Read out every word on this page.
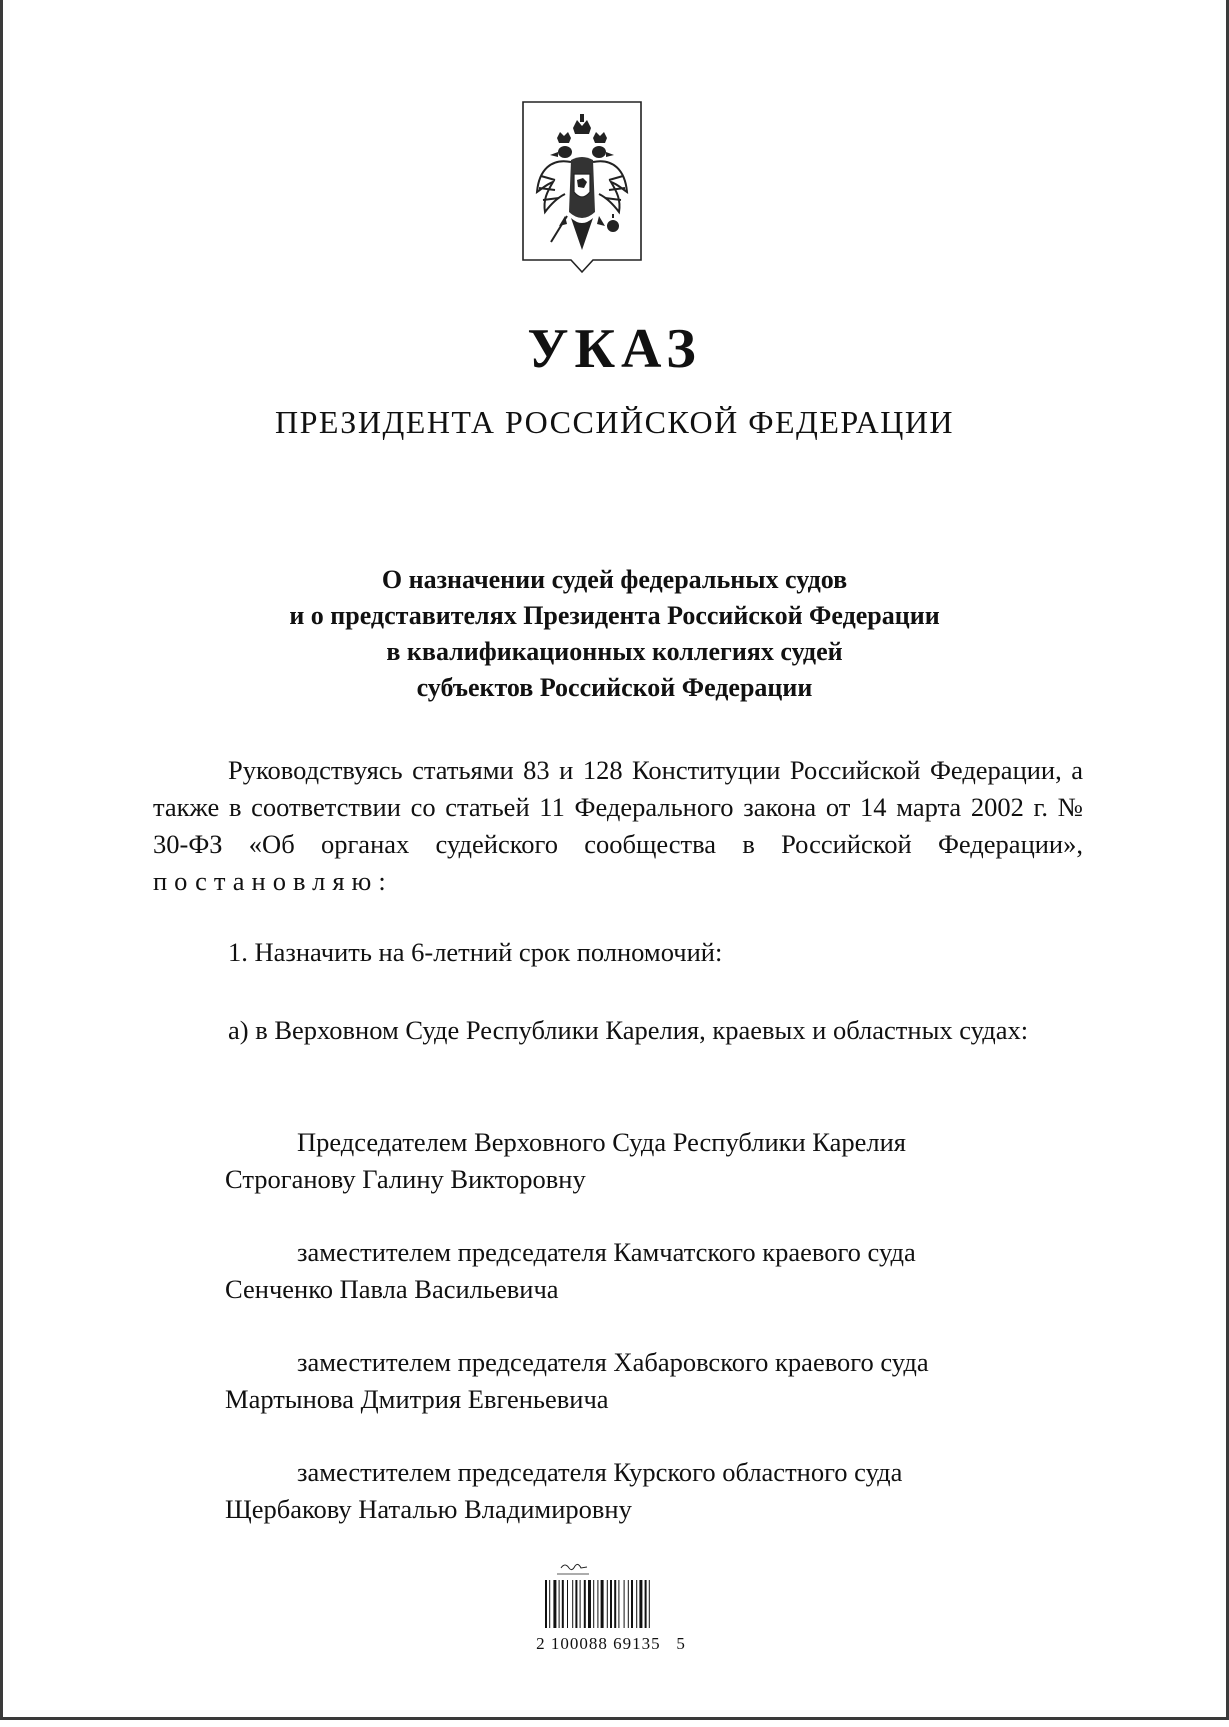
УКАЗ
ПРЕЗИДЕНТА РОССИЙСКОЙ ФЕДЕРАЦИИ
О назначении судей федеральных судов
и о представителях Президента Российской Федерации
в квалификационных коллегиях судей
субъектов Российской Федерации
Руководствуясь статьями 83 и 128 Конституции Российской Федерации, а также в соответствии со статьей 11 Федерального закона от 14 марта 2002 г. № 30-ФЗ «Об органах судейского сообщества в Российской Федерации», постановляю:
1. Назначить на 6-летний срок полномочий:
а) в Верховном Суде Республики Карелия, краевых и областных судах:
Председателем Верховного Суда Республики Карелия
Строганову Галину Викторовну
заместителем председателя Камчатского краевого суда
Сенченко Павла Васильевича
заместителем председателя Хабаровского краевого суда
Мартынова Дмитрия Евгеньевича
заместителем председателя Курского областного суда
Щербакову Наталью Владимировну
2 100088 69135   5
